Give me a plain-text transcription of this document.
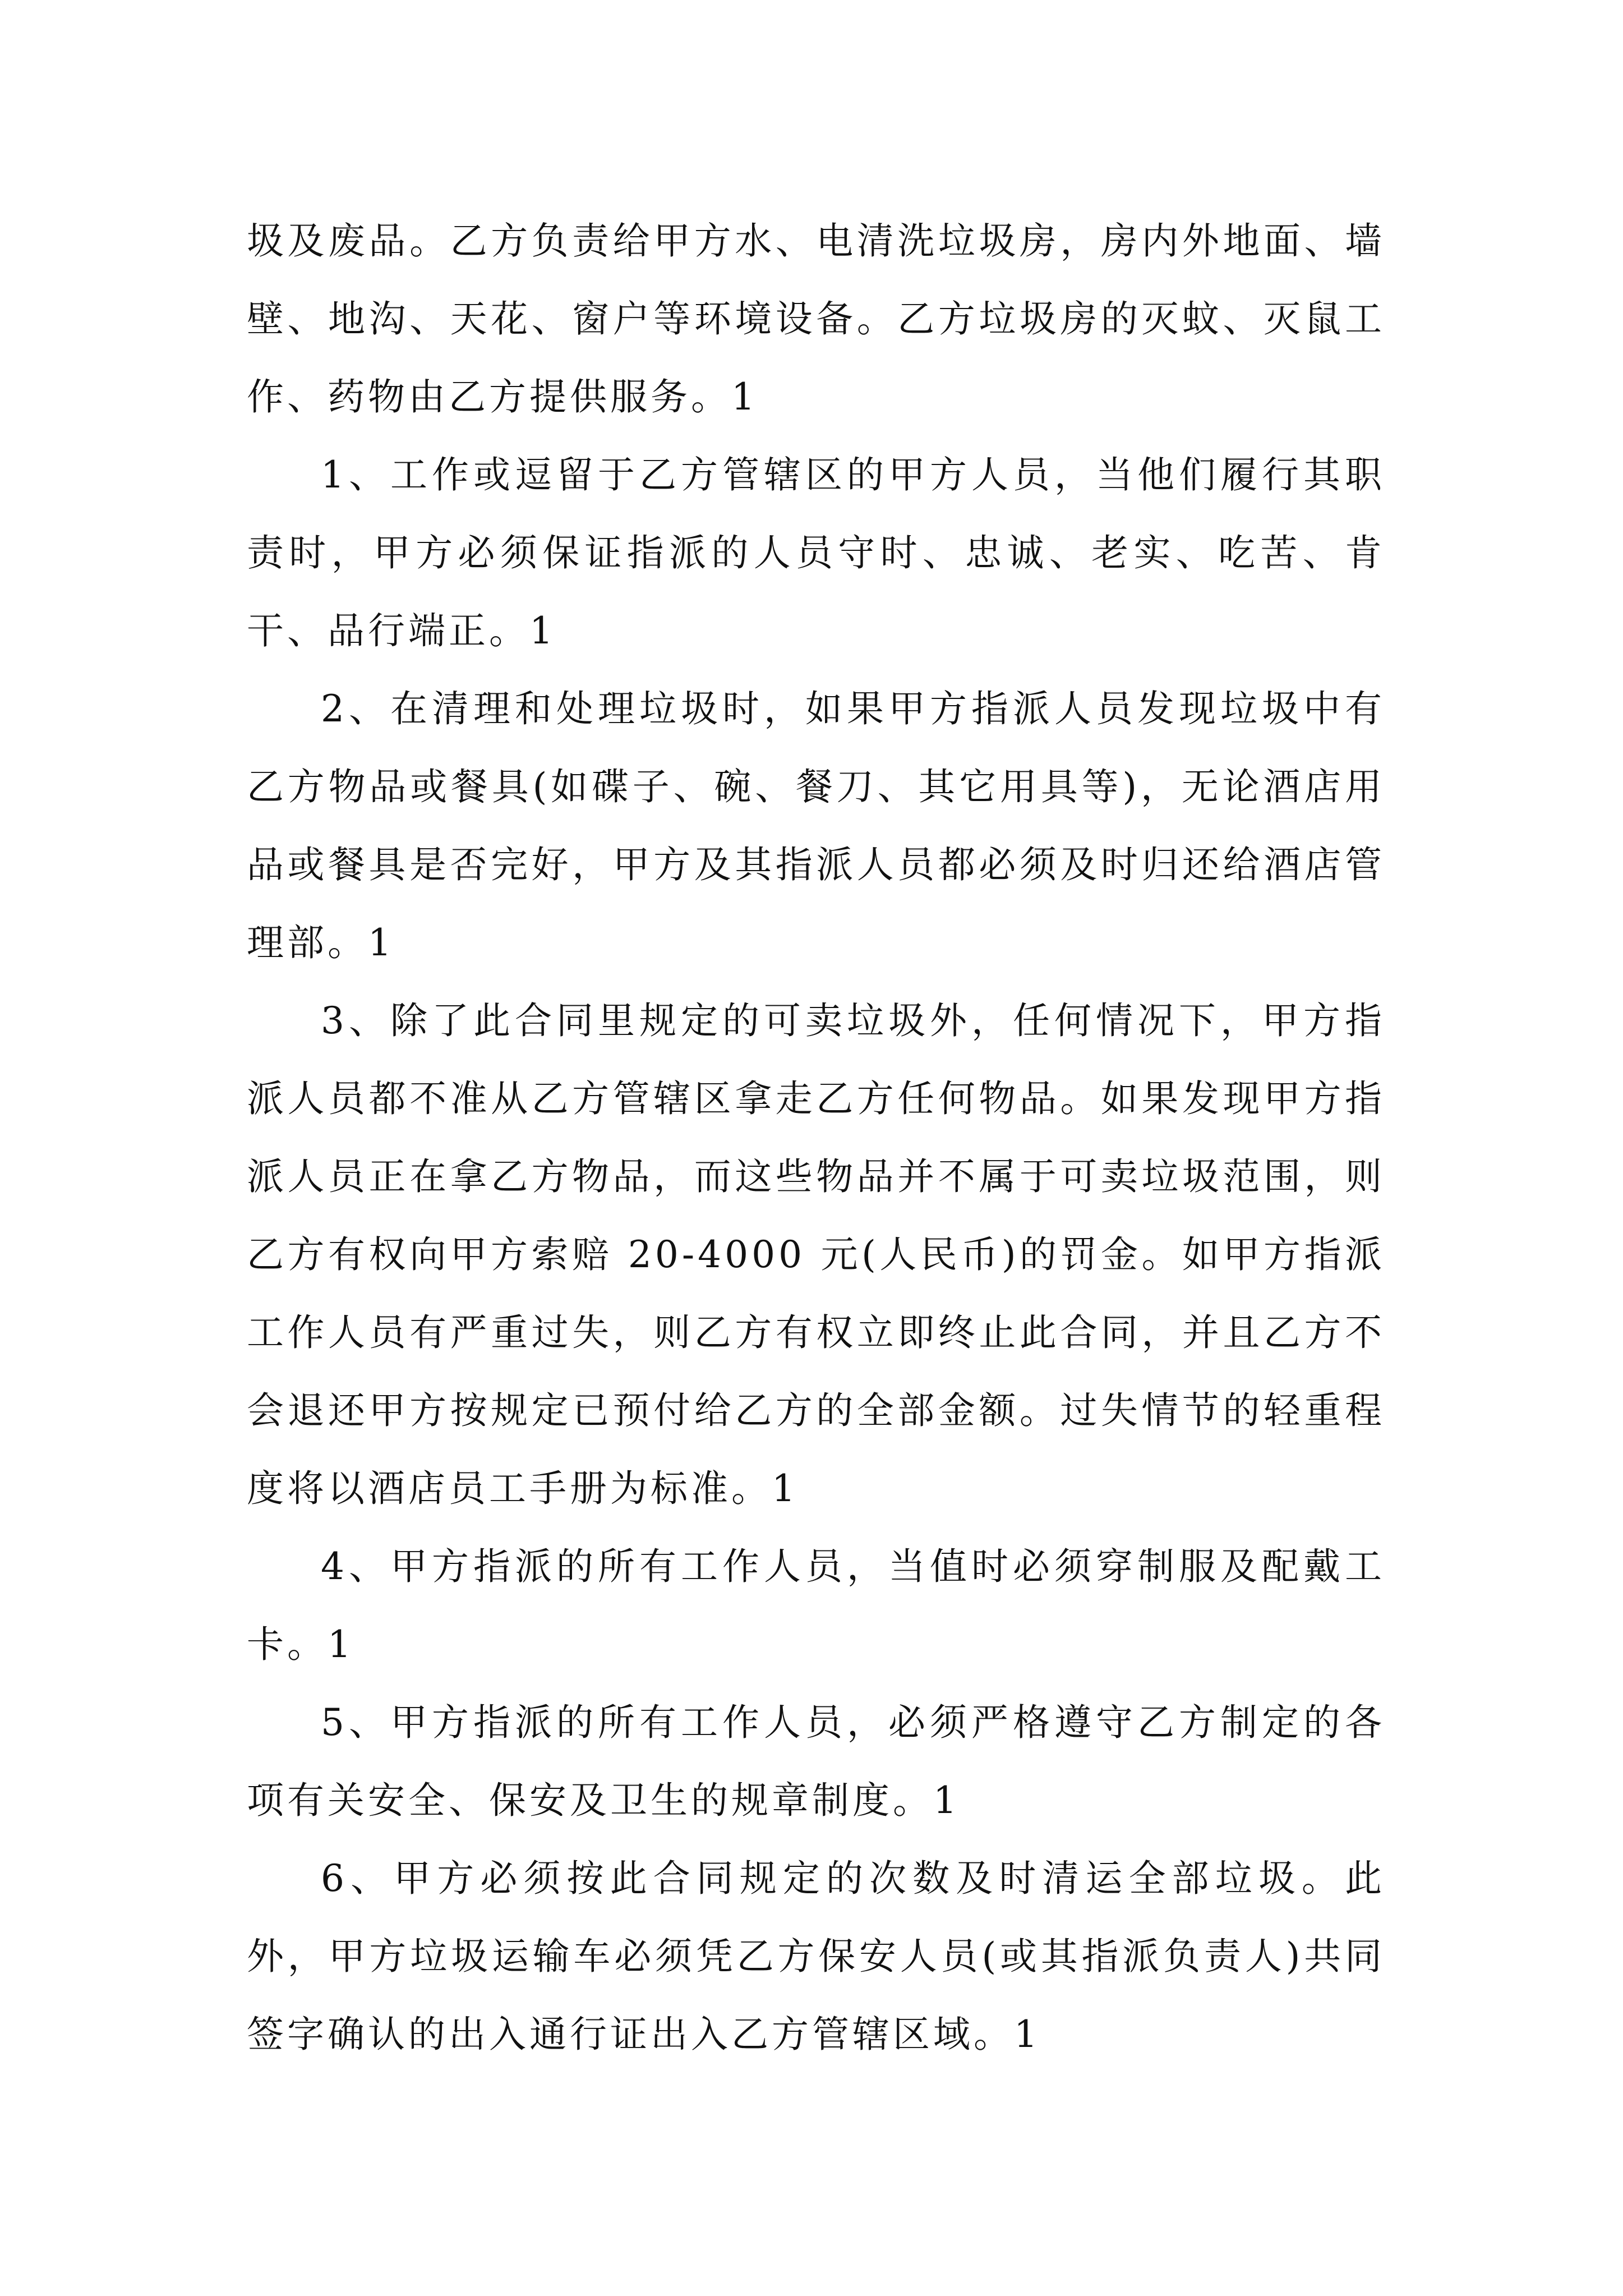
圾及废品。乙方负责给甲方水、电清洗垃圾房，房内外地面、墙壁、地沟、天花、窗户等环境设备。乙方垃圾房的灭蚊、灭鼠工作、药物由乙方提供服务。1

1、工作或逗留于乙方管辖区的甲方人员，当他们履行其职责时，甲方必须保证指派的人员守时、忠诚、老实、吃苦、肯干、品行端正。1

2、在清理和处理垃圾时，如果甲方指派人员发现垃圾中有乙方物品或餐具(如碟子、碗、餐刀、其它用具等)，无论酒店用品或餐具是否完好，甲方及其指派人员都必须及时归还给酒店管理部。1

3、除了此合同里规定的可卖垃圾外，任何情况下，甲方指派人员都不准从乙方管辖区拿走乙方任何物品。如果发现甲方指派人员正在拿乙方物品，而这些物品并不属于可卖垃圾范围，则乙方有权向甲方索赔 20-4000 元(人民币)的罚金。如甲方指派工作人员有严重过失，则乙方有权立即终止此合同，并且乙方不会退还甲方按规定已预付给乙方的全部金额。过失情节的轻重程度将以酒店员工手册为标准。1

4、甲方指派的所有工作人员，当值时必须穿制服及配戴工卡。1

5、甲方指派的所有工作人员，必须严格遵守乙方制定的各项有关安全、保安及卫生的规章制度。1

6、甲方必须按此合同规定的次数及时清运全部垃圾。此外，甲方垃圾运输车必须凭乙方保安人员(或其指派负责人)共同签字确认的出入通行证出入乙方管辖区域。1
